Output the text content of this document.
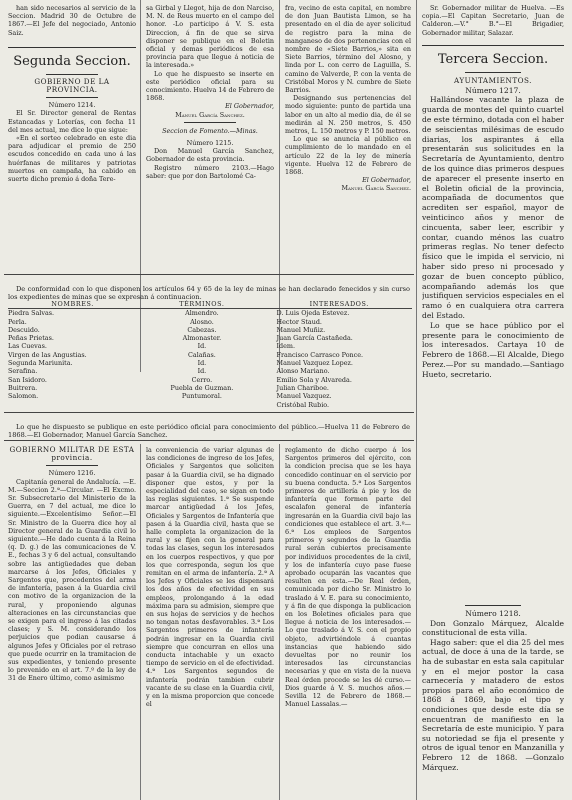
han sido necesarios al servicio de la Seccion. Madrid 30 de Octubre de 1867.—El Jefe del negociado, Antonio Saiz.

Segunda Seccion.

GOBIERNO DE LA PROVINCIA.

Número 1214.

El Sr. Director general de Rentas Estancadas y Loterías, con fecha 11 del mes actual, me dice lo que sigue:

«En el sorteo celebrado en este dia para adjudicar el premio de 250 escudos concedido en cada uno á las huérfanas de militares y patriotas muertos en campaña, ha cabido en suerte dicho premio á doña Tere-

sa Girbal y Llegot, hija de don Narciso, M. N. de Reus muerto en el campo del honor. -Lo participo á V. S. esta Direccion, á fin de que se sirva disponer se publique en el Boletin oficial y demas periódicos de esa provincia para que llegue á noticia de la interesada.»

Lo que he dispuesto se inserte en este periódico oficial para su conocimiento. Huelva 14 de Febrero de 1868.

El Gobernador,

Manuel García Sanchez.

Seccion de Fomento.—Minas.

Número 1215.

Don Manuel García Sanchez, Gobernador de esta provincia.

Registro número 2103.—Hago saber: que por don Bartolomé Ca-

fra, vecino de esta capital, en nombre de don Juan Bautista Limon, se ha presentado en el dia de ayer solicitud de registro para la mina de manganeso de dos pertenencias con el nombre de «Siete Barrios,» sita en Siete Barrios, término del Alosno, y linda por L. con cerro de Laguilla, S. camino de Valverde, P. con la venta de Cristóbal Moros y N. cumbre de Siete Barrios.

Designando sus pertenencias del modo siguiente: punto de partida una labor en un alto al medio dia, de él se medirán al N. 250 metros, S. 450 metros, L. 150 metros y P. 150 metros.

Lo que se anuncia al público en cumplimiento de lo mandado en el artículo 22 de la ley de minería vigente. Huelva 12 de Febrero de 1868.

El Gobernador,

Manuel García Sanchez.

Sr. Gobernador militar de Huelva. —Es copia.—El Capitan Secretario, Juan de Calderon.—V.° B.°—El Brigadier, Gobernador militar, Salazar.

Tercera Seccion.

AYUNTAMIENTOS.

Número 1217.

Hallándose vacante la plaza de guarda de montes del quinto cuartel de este término, dotada con el haber de seiscientas milésimas de escudo diarias, los aspirantes á ella presentarán sus solicitudes en la Secretaría de Ayuntamiento, dentro de los quince dias primeros despues de aparecer el presente inserto en el Boletin oficial de la provincia, acompañada de documentos que acrediten ser español, mayor de veinticinco años y menor de cincuenta, saber leer, escribir y contar, cuando ménos las cuatro primeras reglas. No tener defecto físico que le impida el servicio, ni haber sido preso ni procesado y gozar de buen concepto público, acompañando además los que justifiquen servicios especiales en el ramo ó en cualquiera otra carrera del Estado.

Lo que se hace público por el presente para le conocimiento de los interesados. Cartaya 10 de Febrero de 1868.—El Alcalde, Diego Perez.—Por su mandado.—Santiago Hueto, secretario.

De conformidad con lo que disponen los artículos 64 y 65 de la ley de minas se han declarado fenecidos y sin curso los expedientes de minas que se expresan á continuacion.

NOMBRES.	TÉRMINOS.	INTERESADOS.
Piedra Salvas.	Almendro.	D. Luis Ojeda Estevez.
Perla.	Alosno.	Hector Staud.
Descuido.	Cabezas.	Manuel Muñiz.
Peñas Prietas.	Almonaster.	Juan García Castañeda.
Las Cuevas.	Id.	Idem.
Virgen de las Angustias.	Calañas.	Francisco Carrasco Ponce.
Segunda Mariunita.	Id.	Manuel Vazquez Lopez.
Serafina.	Id.	Alonso Mariano.
San Isidoro.	Cerro.	Emilio Sola y Alvareda.
Buitrera.	Puebla de Guzman.	Julian Chariboe.
Salomon.	Puntumoral.	Manuel Vazquez.
		Cristóbal Rubio.

Lo que he dispuesto se publique en este periódico oficial para conocimiento del público.—Huelva 11 de Febrero de 1868.—El Gobernador, Manuel García Sanchez.

GOBIERNO MILITAR DE ESTA provincia.

Número 1216.

Capitanía general de Andalucía. —E. M.—Seccion 2.ª—Circular. —El Excmo. Sr. Subsecretario del Ministerio de la Guerra, en 7 del actual, me dice lo siguiente.—Excelentísimo Señor.—El Sr. Ministro de la Guerra dice hoy al Director general de la Guardia civil lo siguiente.—He dado cuenta á la Reina (q. D. g.) de las comunicaciones de V. E., fechas 3 y 6 del actual, consultando sobre las antigüedades que deban marcarse á los Jefes, Oficiales y Sargentos que, procedentes del arma de infantería, pasen á la Guardia civil con motivo de la organizacion de la rural, y proponiendo algunas alteraciones en las circunstancias que se exigen para el ingreso á las citadas clases; y S. M. considerando los perjuicios que podian causarse á algunos Jefes y Oficiales por el retraso que puede ocurrir en la tramitacion de sus expedientes, y teniendo presente lo prevenido en el art. 7.º de la ley de 31 de Enero último, como asimismo

la conveniencia de variar algunas de las condiciones de ingreso de los Jefes, Oficiales y Sargentos que soliciten pasar á la Guardia civil, se ha dignado disponer que estos, y por la especialidad del caso, se sigan en todo las reglas siguientes. 1.ª Se suspende marcar antigüedad á los Jefes, Oficiales y Sargentos de Infantería que pasen á la Guardia civil, hasta que se halle completa la organizacion de la rural y se fijen con la general para todas las clases, segun los interesados en los cuerpos respectivos, y que por los que corresponda, segun los que remitan en el arma de infantería. 2.ª A los Jefes y Oficiales se les dispensará los dos años de efectividad en sus empleos, prolongando á la edad máxima para su admision, siempre que en sus hojas de servicios y de hechos no tengan notas desfavorables. 3.ª Los Sargentos primeros de infantería podrán ingresar en la Guardia civil siempre que concurran en ellos una conducta intachable y un exacto tiempo de servicio en el de efectividad. 4.ª Los Sargentos segundos de infantería podrán tambien cubrir vacante de su clase en la Guardia civil, y en la misma proporcion que concede el

reglamento de dicho cuerpo á los Sargentos primeros del ejército, con la condicion precisa que se les haya concedido continuar en el servicio por su buena conducta. 5.ª Los Sargentos primeros de artillería á pie y los de infantería que formen parte del escalafon general de infantería ingresarán en la Guardia civil bajo las condiciones que establece el art. 3.º—6.ª Los empleos de Sargentos primeros y segundos de la Guardia rural serán cubiertos precisamente por individuos procedentes de la civil, y los de infantería cuyo pase fuese aprobado ocuparán las vacantes que resulten en esta.—De Real órden, comunicada por dicho Sr. Ministro lo traslado á V. E. para su conocimiento, y á fin de que disponga la publicacion en los Boletines oficiales para que llegue á noticia de los interesados.—Lo que traslado á V. S. con el propio objeto, advirtiéndole á cuantas instancias que habiendo sido devueltas por no reunir los interesados las circunstancias necesarias y que en vista de la nueva Real órden procede se les dé curso.—Dios guarde á V. S. muchos años.—Sevilla 12 de Febrero de 1868.—Manuel Lassalas.—

Número 1218.

Don Gonzalo Márquez, Alcalde constitucional de esta villa.

Hago saber: que el dia 25 del mes actual, de doce á una de la tarde, se ha de subastar en esta sala capitular y en el mejor postor la casa carnecería y matadero de estos propios para el año económico de 1868 á 1869, bajo el tipo y condiciones que desde este día se encuentran de manifiesto en la Secretaría de este municipio. Y para su notoriedad se fija el presente y otros de igual tenor en Manzanilla y Febrero 12 de 1868. —Gonzalo Márquez.
